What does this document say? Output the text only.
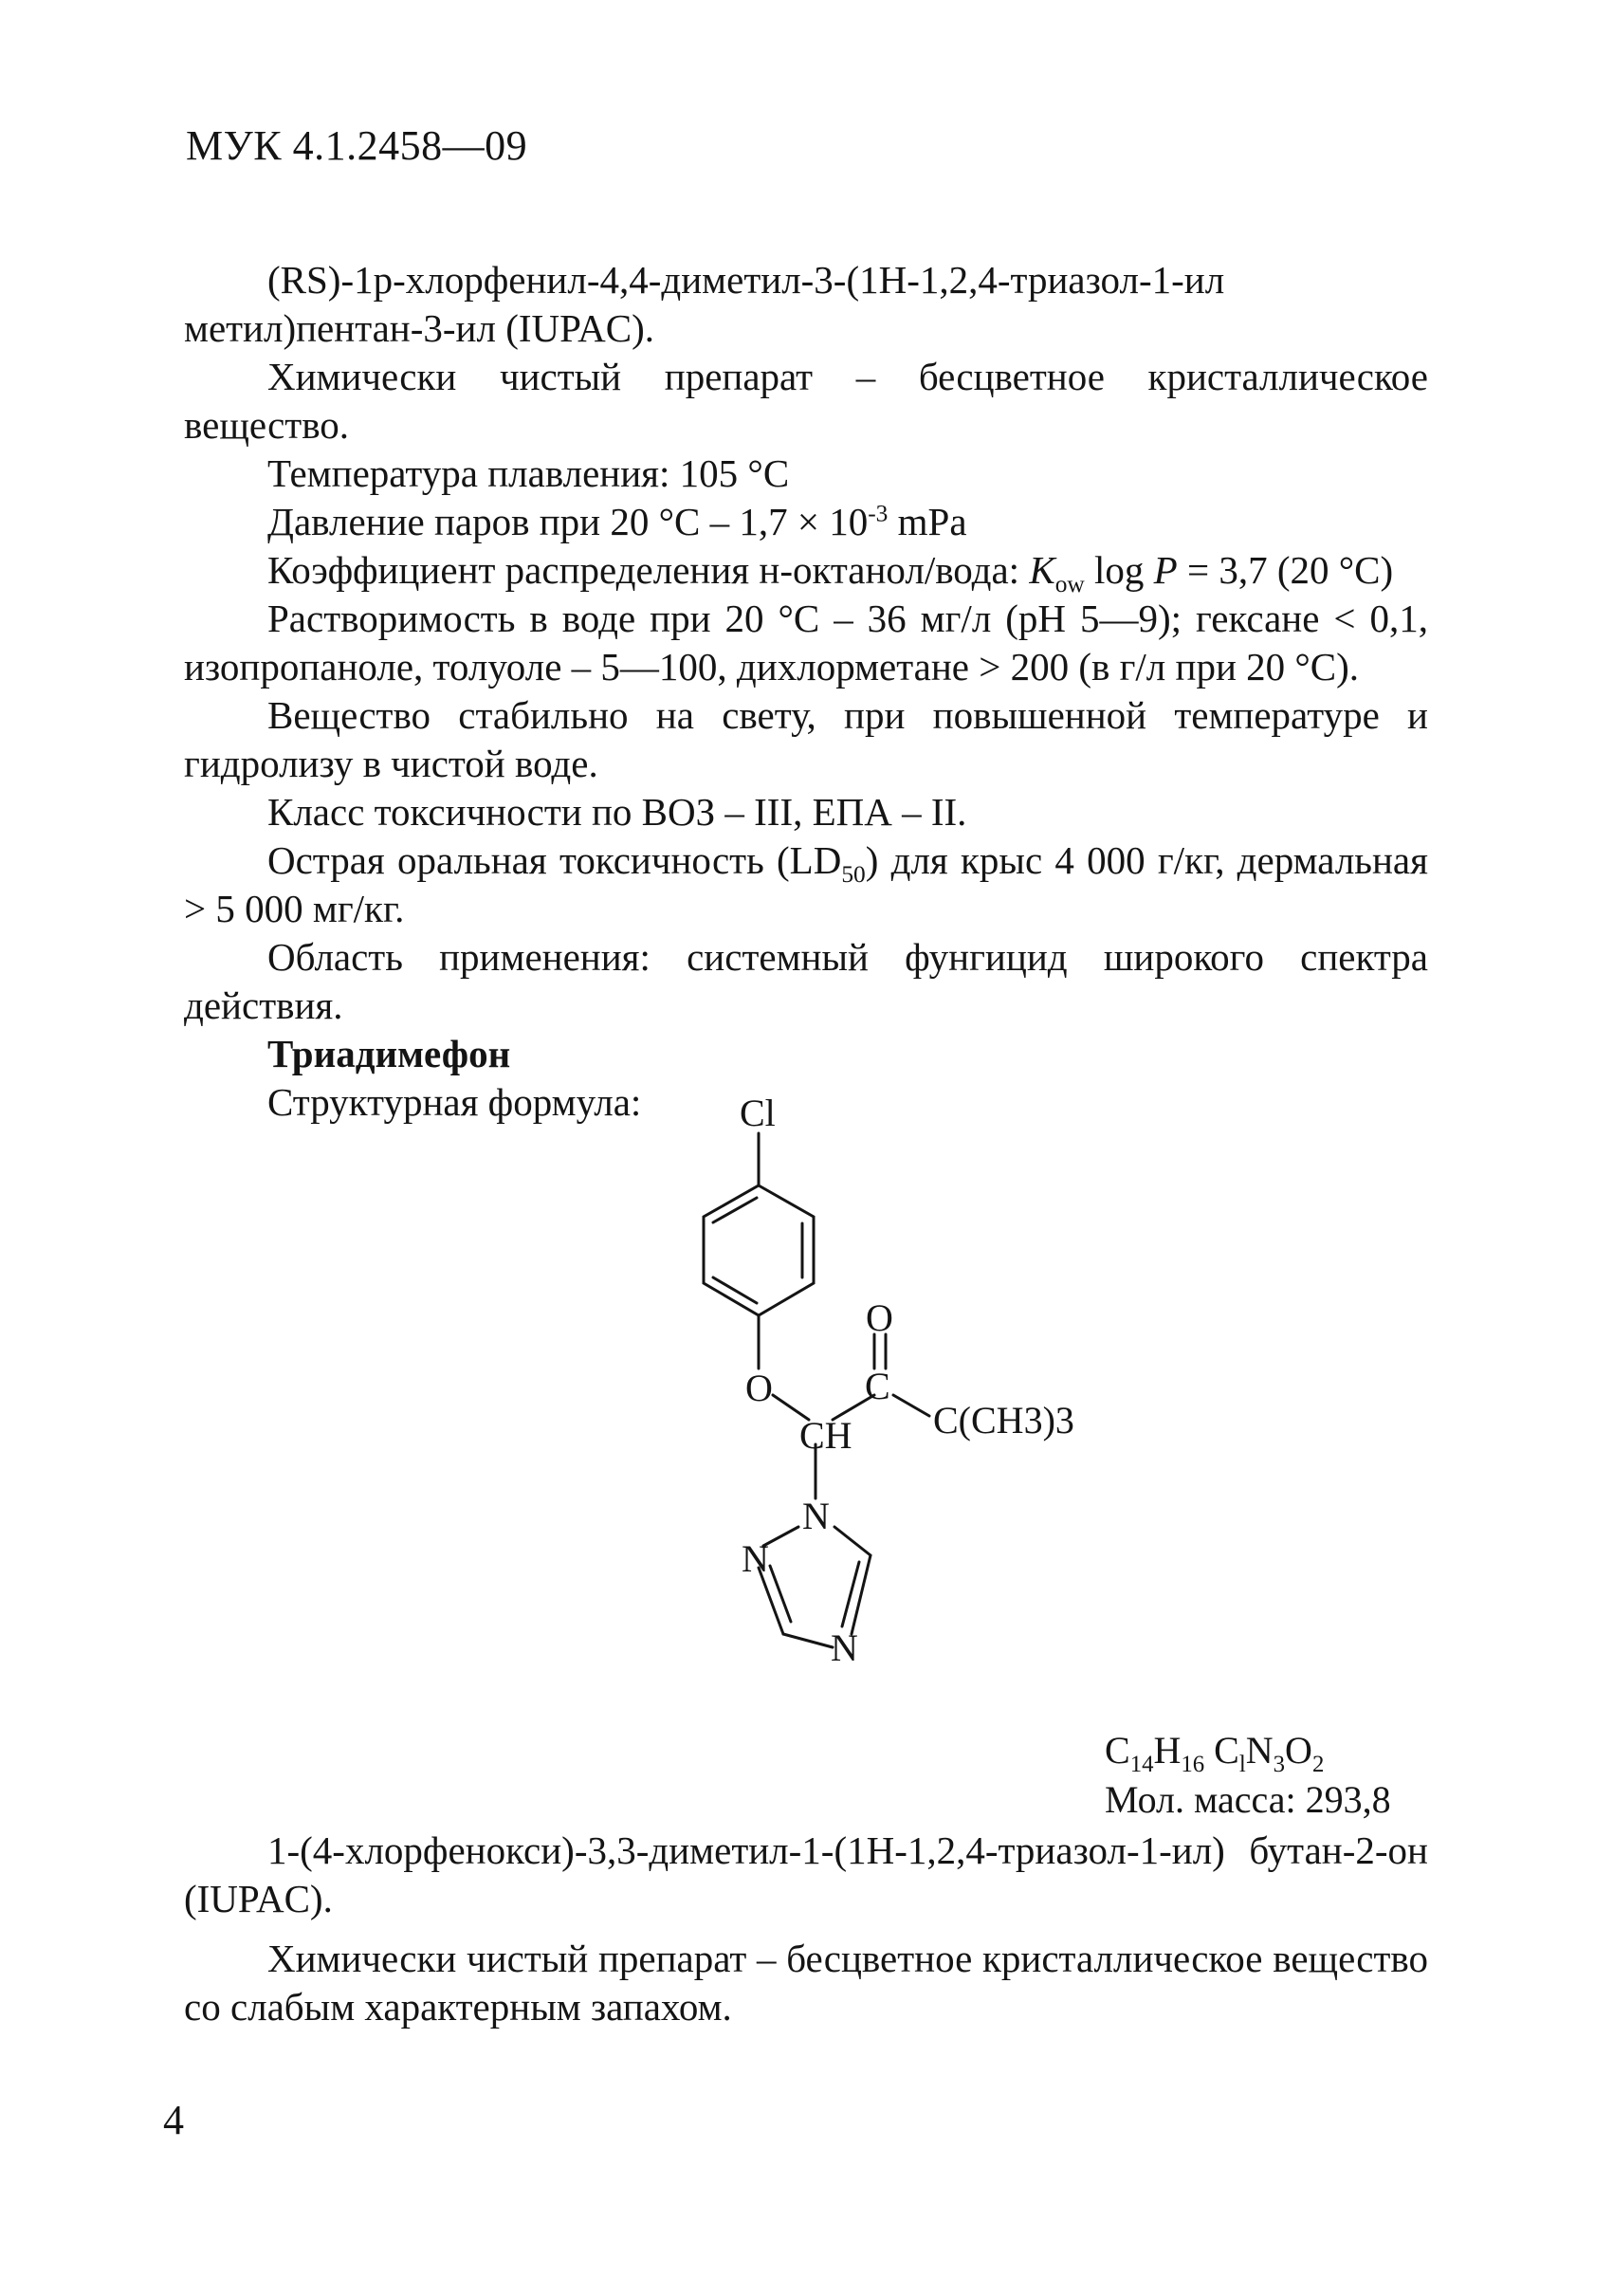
МУК 4.1.2458—09

(RS)-1р-хлорфенил-4,4-диметил-3-(1Н-1,2,4-триазол-1-ил метил)пентан-3-ил (IUPAC).

Химически чистый препарат – бесцветное кристаллическое вещество.

Температура плавления: 105 °С

Давление паров при 20 $^\circ С - 1,7 \times 10^{-3}$ mPa

Коэффициент распределения н-октанол/вода: $K_{ow}$ log P = 3,7 (20 °С)

Растворимость в воде при 20 °С – 36 мг/л (рН 5—9); гексане < 0,1, изопропаноле, толуоле – 5—100, дихлорметане > 200 (в г/л при 20 °С).

Вещество стабильно на свету, при повышенной температуре и гидролизу в чистой воде.

Класс токсичности по ВОЗ – III, ЕПА – II.

Острая оральная токсичность $(LD_{50})$ для крыс 4 000 г/кг, дермальная > 5 000 мг/кг.

Область применения: системный фунгицид широкого спектра действия.

Триадимефон

Структурная формула:	Cl
O
O
C
CH C(CH3)3
N
N
N
$C_{14}H_{16}$ $C_lN_3O_2$
Мол. масса: 293,8

1-(4-хлорфенокси)-3,3-диметил-1-(1Н-1,2,4-триазол-1-ил) бутан-2-он (IUPAC).

Химически чистый препарат – бесцветное кристаллическое вещество со слабым характерным запахом.

4
